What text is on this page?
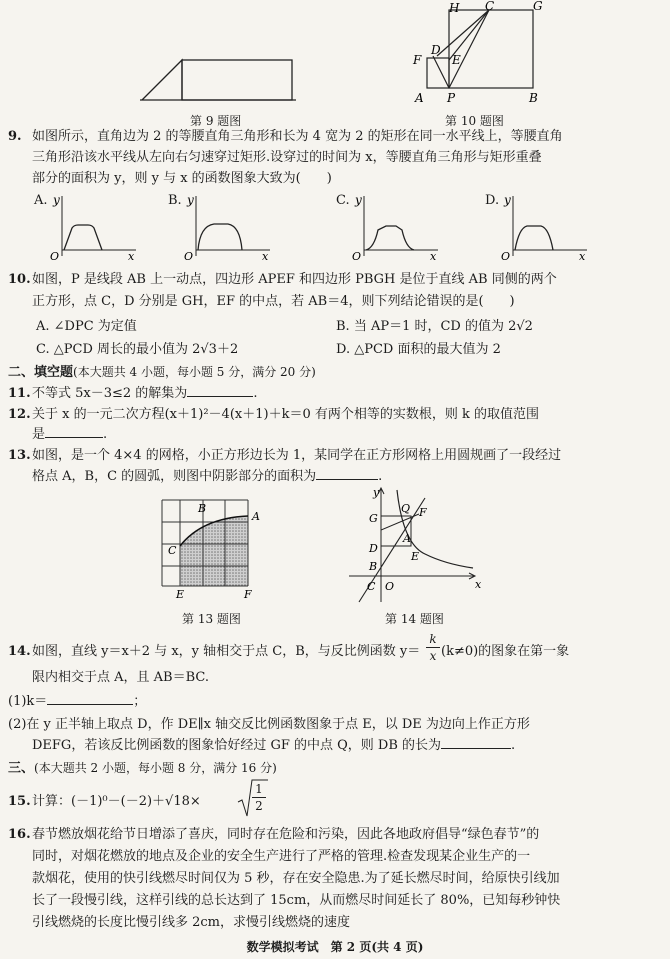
第 9 题图
H C	G
D
F	E
A P	B
第 10 题图
9. 如图所示，直角边为 2 的等腰直角三角形和长为 4 宽为 2 的矩形在同一水平线上，等腰直角
三角形沿该水平线从左向右匀速穿过矩形.设穿过的时间为 x，等腰直角三角形与矩形重叠
部分的面积为 y，则 y 与 x 的函数图象大致为(　　)
A. y
O	x
B. y
O	x
C. y
O	x
D. y
O	x
10. 如图，P 是线段 AB 上一动点，四边形 APEF 和四边形 PBGH 是位于直线 AB 同侧的两个
正方形，点 C，D 分别是 GH，EF 的中点，若 AB＝4，则下列结论错误的是(　　)
A. ∠DPC 为定值	B. 当 AP＝1 时，CD 的值为 2√2
C. △PCD 周长的最小值为 2√3＋2	D. △PCD 面积的最大值为 2
二、填空题(本大题共 4 小题，每小题 5 分，满分 20 分)
11. 不等式 5x－3≤2 的解集为	.
12. 关于 x 的一元二次方程(x＋1)²－4(x＋1)＋k＝0 有两个相等的实数根，则 k 的取值范围
是	.
13. 如图，是一个 4×4 的网格，小正方形边长为 1，某同学在正方形网格上用圆规画了一段经过
格点 A，B，C 的圆弧，则图中阴影部分的面积为	.
B
A
C
E	F
第 13 题图
y
x
O
G
Q F
A
D
E
B
C
第 14 题图
14. 如图，直线 y＝x＋2 与 x，y 轴相交于点 C，B，与反比例函数 $y= \frac{k}{x} (k\ne 0)$的图象在第一象
限内相交于点 A，且 AB＝BC.
(1)k＝	；
(2)在 y 正半轴上取点 D，作 DE∥x 轴交反比例函数图象于点 E，以 DE 为边向上作正方形
DEFG，若该反比例函数的图象恰好经过 GF 的中点 Q，则 DB 的长为	.
三、(本大题共 2 小题，每小题 8 分，满分 16 分)
15. 计算：(－1)⁰－(－2)＋√18×	$\frac{1}{2}$
16. 春节燃放烟花给节日增添了喜庆，同时存在危险和污染，因此各地政府倡导“绿色春节”的
同时，对烟花燃放的地点及企业的安全生产进行了严格的管理.检查发现某企业生产的一
款烟花，使用的快引线燃尽时间仅为 5 秒，存在安全隐患.为了延长燃尽时间，给原快引线加
长了一段慢引线，这样引线的总长达到了 15cm，从而燃尽时间延长了 80%，已知每秒钟快
引线燃烧的长度比慢引线多 2cm，求慢引线燃烧的速度
数学模拟考试　第 2 页(共 4 页)
